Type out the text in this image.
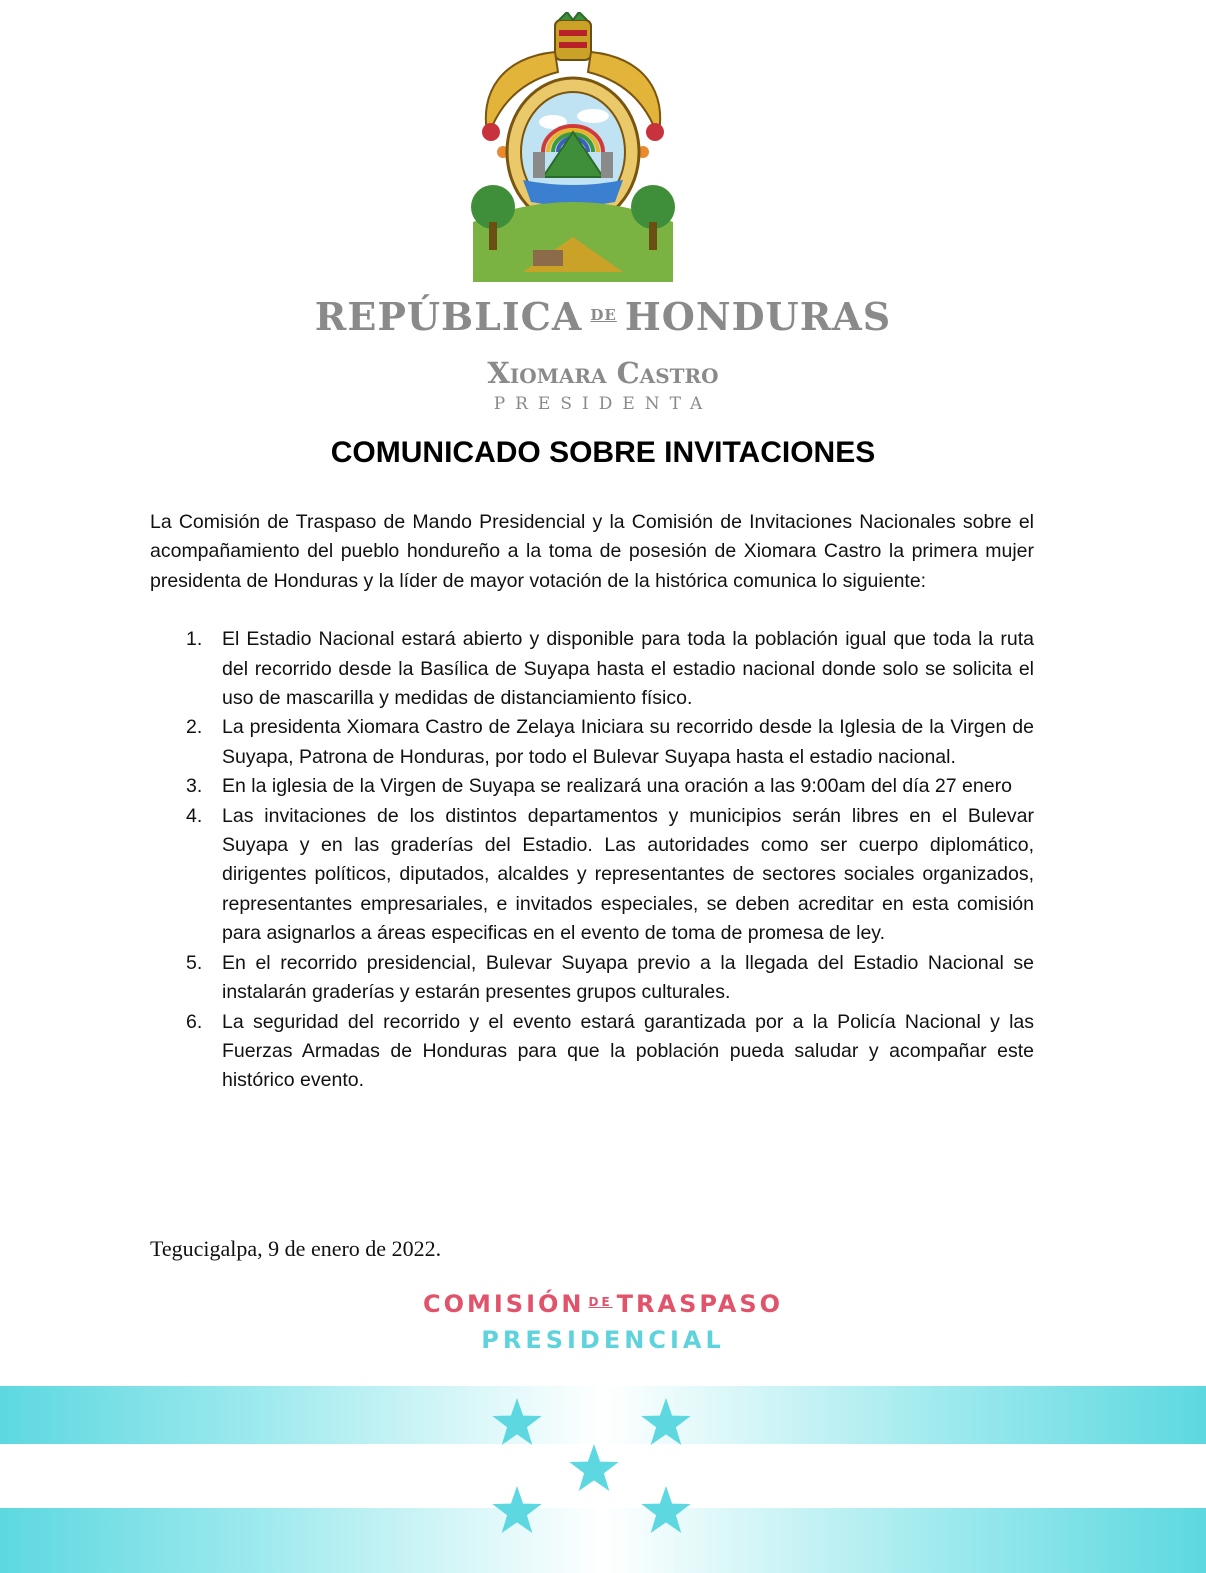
REPÚBLICA DE HONDURAS
Xiomara Castro
PRESIDENTA
COMUNICADO SOBRE INVITACIONES

La Comisión de Traspaso de Mando Presidencial y la Comisión de Invitaciones Nacionales sobre el acompañamiento del pueblo hondureño a la toma de posesión de Xiomara Castro la primera mujer presidenta de Honduras y la líder de mayor votación de la histórica comunica lo siguiente:

1. El Estadio Nacional estará abierto y disponible para toda la población igual que toda la ruta del recorrido desde la Basílica de Suyapa hasta el estadio nacional donde solo se solicita el uso de mascarilla y medidas de distanciamiento físico.
2. La presidenta Xiomara Castro de Zelaya Iniciara su recorrido desde la Iglesia de la Virgen de Suyapa, Patrona de Honduras, por todo el Bulevar Suyapa hasta el estadio nacional.
3. En la iglesia de la Virgen de Suyapa se realizará una oración a las 9:00am del día 27 enero
4. Las invitaciones de los distintos departamentos y municipios serán libres en el Bulevar Suyapa y en las graderías del Estadio. Las autoridades como ser cuerpo diplomático, dirigentes políticos, diputados, alcaldes y representantes de sectores sociales organizados, representantes empresariales, e invitados especiales, se deben acreditar en esta comisión para asignarlos a áreas especificas en el evento de toma de promesa de ley.
5. En el recorrido presidencial, Bulevar Suyapa previo a la llegada del Estadio Nacional se instalarán graderías y estarán presentes grupos culturales.
6. La seguridad del recorrido y el evento estará garantizada por a la Policía Nacional y las Fuerzas Armadas de Honduras para que la población pueda saludar y acompañar este histórico evento.
Tegucigalpa, 9 de enero de 2022.
COMISIÓN $^{DE}$ TRASPASO
PRESIDENCIAL
